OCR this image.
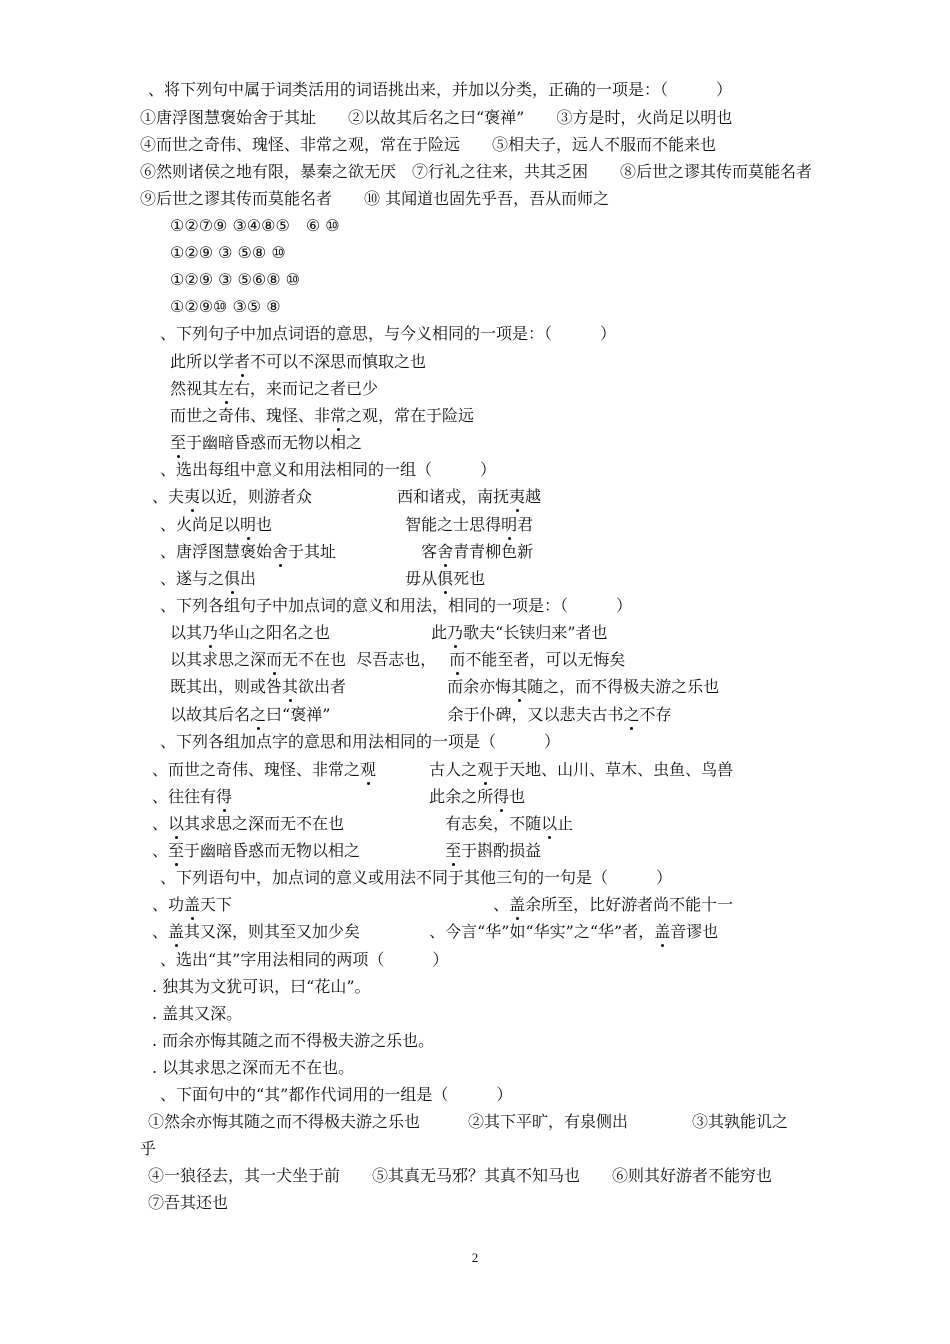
、将下列句中属于词类活用的词语挑出来，并加以分类，正确的一项是：（　　　）
①唐浮图慧褒始舍于其址　　②以故其后名之曰“褒禅”　　③方是时，火尚足以明也
④而世之奇伟、瑰怪、非常之观，常在于险远　　⑤相夫子，远人不服而不能来也
⑥然则诸侯之地有限，暴秦之欲无厌　⑦行礼之往来，共其乏困　　⑧后世之谬其传而莫能名者
⑨后世之谬其传而莫能名者　　⑩ 其闻道也固先乎吾，吾从而师之
①②⑦⑨ ③④⑧⑤　⑥ ⑩
①②⑨ ③ ⑤⑧ ⑩
①②⑨ ③ ⑤⑥⑧ ⑩
①②⑨⑩ ③⑤ ⑧
、下列句子中加点词语的意思，与今义相同的一项是：（　　　）
此所以学者不可以不深思而慎取之也
然视其左右，来而记之者已少
而世之奇伟、瑰怪、非常之观，常在于险远
至于幽暗昏惑而无物以相之
、选出每组中意义和用法相同的一组（　　　）
、夫夷以近，则游者众　　　　　 西和诸戎，南抚夷越
、火尚足以明也　　　　　　　　 智能之士思得明君
、唐浮图慧褒始舍于其址　　　　　 客舍青青柳色新
、遂与之俱出　　　　　　　　　 毋从俱死也
、下列各组句子中加点词的意义和用法，相同的一项是：（　　　）
以其乃华山之阳名之也　　　　　　 此乃歌夫“长铗归来”者也
以其求思之深而无不在也  尽吾志也，　 而不能至者，可以无悔矣
既其出，则或咎其欲出者　　　　　　 而余亦悔其随之，而不得极夫游之乐也
以故其后名之曰“褒禅”　　　　　　　 余于仆碑，又以悲夫古书之不存
、下列各组加点字的意思和用法相同的一项是（　　　）
、而世之奇伟、瑰怪、非常之观　　　 古人之观于天地、山川、草木、虫鱼、鸟兽
、往往有得　　　　　　　　　　　　 此余之所得也
、以其求思之深而无不在也　　　　　　 有志矣，不随以止
、至于幽暗昏惑而无物以相之　　　　　 至于斟酌损益
、下列语句中，加点词的意义或用法不同于其他三句的一句是（　　　）
、功盖天下　　　　　　　　　　　　　　　　 、盖余所至，比好游者尚不能十一
、盖其又深，则其至又加少矣　　　　 、今言“华”如“华实”之“华”者，盖音谬也
、选出“其”字用法相同的两项（　　　）
. 独其为文犹可识，曰“花山”。
. 盖其又深。
. 而余亦悔其随之而不得极夫游之乐也。
. 以其求思之深而无不在也。
、下面句中的“其”都作代词用的一组是（　　　）
①然余亦悔其随之而不得极夫游之乐也　　　②其下平旷，有泉侧出　　　　③其孰能讥之
乎
④一狼径去，其一犬坐于前　　⑤其真无马邪？其真不知马也　　⑥则其好游者不能穷也
⑦吾其还也
2
